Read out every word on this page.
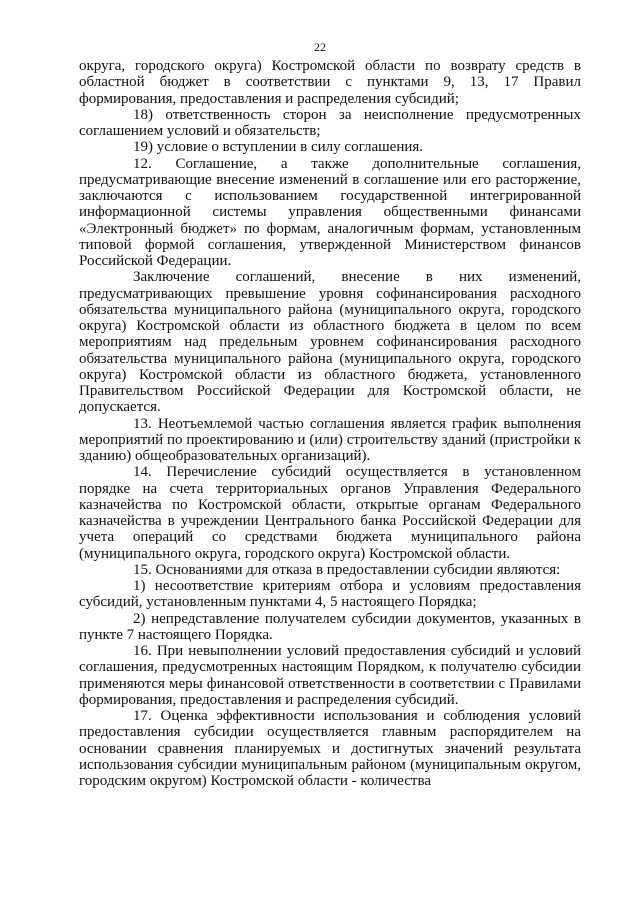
22

округа, городского округа) Костромской области по возврату средств в областной бюджет в соответствии с пунктами 9, 13, 17 Правил формирования, предоставления и распределения субсидий;

18) ответственность сторон за неисполнение предусмотренных соглашением условий и обязательств;

19) условие о вступлении в силу соглашения.

12. Соглашение, а также дополнительные соглашения, предусматривающие внесение изменений в соглашение или его расторжение, заключаются с использованием государственной интегрированной информационной системы управления общественными финансами «Электронный бюджет» по формам, аналогичным формам, установленным типовой формой соглашения, утвержденной Министерством финансов Российской Федерации.

Заключение соглашений, внесение в них изменений, предусматривающих превышение уровня софинансирования расходного обязательства муниципального района (муниципального округа, городского округа) Костромской области из областного бюджета в целом по всем мероприятиям над предельным уровнем софинансирования расходного обязательства муниципального района (муниципального округа, городского округа) Костромской области из областного бюджета, установленного Правительством Российской Федерации для Костромской области, не допускается.

13. Неотъемлемой частью соглашения является график выполнения мероприятий по проектированию и (или) строительству зданий (пристройки к зданию) общеобразовательных организаций).

14. Перечисление субсидий осуществляется в установленном порядке на счета территориальных органов Управления Федерального казначейства по Костромской области, открытые органам Федерального казначейства в учреждении Центрального банка Российской Федерации для учета операций со средствами бюджета муниципального района (муниципального округа, городского округа) Костромской области.

15. Основаниями для отказа в предоставлении субсидии являются:

1) несоответствие критериям отбора и условиям предоставления субсидий, установленным пунктами 4, 5 настоящего Порядка;

2) непредставление получателем субсидии документов, указанных в пункте 7 настоящего Порядка.

16. При невыполнении условий предоставления субсидий и условий соглашения, предусмотренных настоящим Порядком, к получателю субсидии применяются меры финансовой ответственности в соответствии с Правилами формирования, предоставления и распределения субсидий.

17. Оценка эффективности использования и соблюдения условий предоставления субсидии осуществляется главным распорядителем на основании сравнения планируемых и достигнутых значений результата использования субсидии муниципальным районом (муниципальным округом, городским округом) Костромской области - количества
